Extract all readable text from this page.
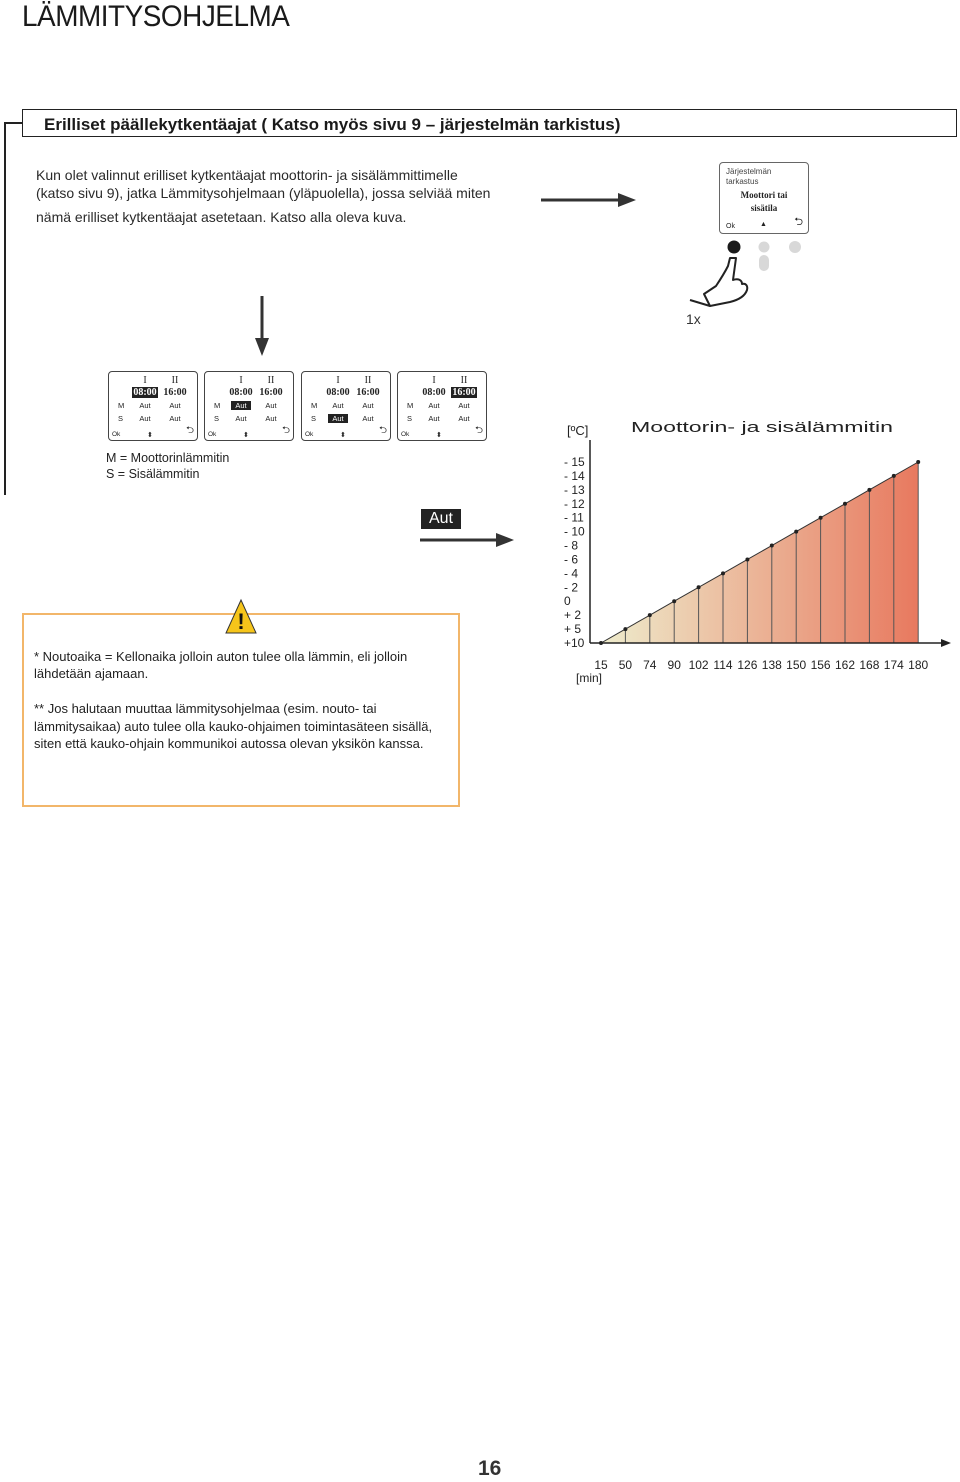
LÄMMITYSOHJELMA
Erilliset päällekytkentäajat ( Katso myös sivu 9 – järjestelmän tarkistus)
Kun olet valinnut erilliset kytkentäajat moottorin- ja sisälämmittimelle
(katso sivu 9), jatka Lämmitysohjelmaan (yläpuolella), jossa selviää miten
nämä erilliset kytkentäajat asetetaan. Katso alla oleva kuva.
Järjestelmän
tarkastus
Moottori tai
sisätila
Ok	▲ ⮌
1x
I	II
08:00 16:00
M	Aut	Aut
S	Aut	Aut
Ok	⬍	⮌
I	II
08:00 16:00
M	Aut	Aut
S	Aut	Aut
Ok	⬍	⮌
I	II
08:00 16:00
M	Aut	Aut
S	Aut	Aut
Ok	⬍	⮌
I	II
08:00 16:00
M	Aut	Aut
S	Aut	Aut
Ok	⬍	⮌
M = Moottorinlämmitin
S = Sisälämmitin
Aut
!
* Noutoaika = Kellonaika jolloin auton tulee olla lämmin, eli jolloin lähdetään ajamaan.
** Jos halutaan muuttaa lämmitysohjelmaa (esim. nouto- tai lämmitysaikaa) auto tulee olla kauko-ohjaimen toimintasäteen sisällä, siten että kauko-ohjain kommunikoi autossa olevan yksikön kanssa.
[ºC]	Moottorin- ja sisälämmitin
[min]
- 15
- 14
- 13
- 12
- 11
- 10
- 8
- 6
- 4
- 2
0
+ 2
+ 5
+10
15 50 74 90 102 114 126 138 150 156 162 168 174 180
16
